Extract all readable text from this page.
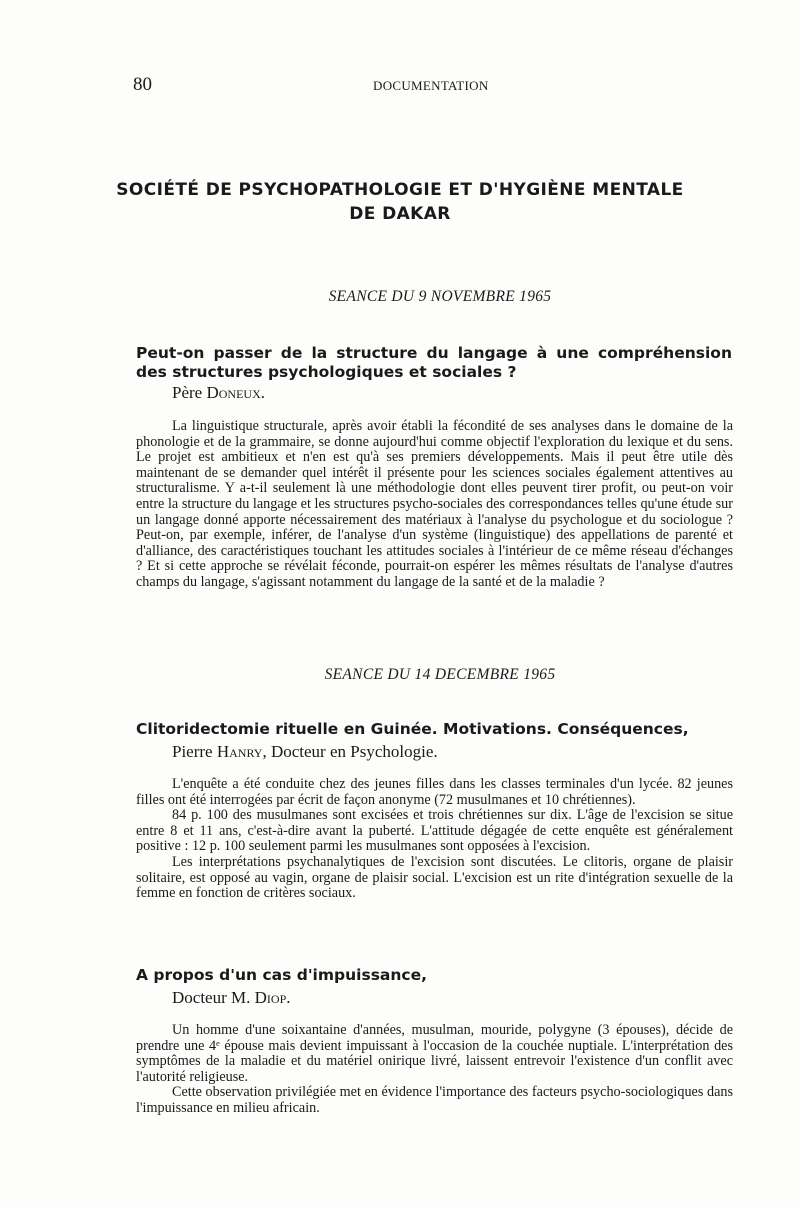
80	DOCUMENTATION
SOCIÉTÉ DE PSYCHOPATHOLOGIE ET D'HYGIÈNE MENTALE
DE DAKAR
SEANCE DU 9 NOVEMBRE 1965
Peut-on passer de la structure du langage à une compréhension des structures psychologiques et sociales ?
Père Doneux.

La linguistique structurale, après avoir établi la fécondité de ses analyses dans le domaine de la phonologie et de la grammaire, se donne aujourd'hui comme objectif l'exploration du lexique et du sens. Le projet est ambitieux et n'en est qu'à ses premiers développements. Mais il peut être utile dès maintenant de se demander quel intérêt il présente pour les sciences sociales également attentives au structuralisme. Y a-t-il seulement là une méthodologie dont elles peuvent tirer profit, ou peut-on voir entre la structure du langage et les structures psycho-sociales des correspondances telles qu'une étude sur un langage donné apporte nécessairement des matériaux à l'analyse du psychologue et du sociologue ? Peut-on, par exemple, inférer, de l'analyse d'un système (linguistique) des appellations de parenté et d'alliance, des caractéristiques touchant les attitudes sociales à l'intérieur de ce même réseau d'échanges ? Et si cette approche se révélait féconde, pourrait-on espérer les mêmes résultats de l'analyse d'autres champs du langage, s'agissant notamment du langage de la santé et de la maladie ?

SEANCE DU 14 DECEMBRE 1965
Clitoridectomie rituelle en Guinée. Motivations. Conséquences,
Pierre Hanry, Docteur en Psychologie.

L'enquête a été conduite chez des jeunes filles dans les classes terminales d'un lycée. 82 jeunes filles ont été interrogées par écrit de façon anonyme (72 musulmanes et 10 chrétiennes).

84 p. 100 des musulmanes sont excisées et trois chrétiennes sur dix. L'âge de l'excision se situe entre 8 et 11 ans, c'est-à-dire avant la puberté. L'attitude dégagée de cette enquête est généralement positive : 12 p. 100 seulement parmi les musulmanes sont opposées à l'excision.

Les interprétations psychanalytiques de l'excision sont discutées. Le clitoris, organe de plaisir solitaire, est opposé au vagin, organe de plaisir social. L'excision est un rite d'intégration sexuelle de la femme en fonction de critères sociaux.

A propos d'un cas d'impuissance,
Docteur M. Diop.

Un homme d'une soixantaine d'années, musulman, mouride, polygyne (3 épouses), décide de prendre une 4ᵉ épouse mais devient impuissant à l'occasion de la couchée nuptiale. L'interprétation des symptômes de la maladie et du matériel onirique livré, laissent entrevoir l'existence d'un conflit avec l'autorité religieuse.

Cette observation privilégiée met en évidence l'importance des facteurs psycho-sociologiques dans l'impuissance en milieu africain.
